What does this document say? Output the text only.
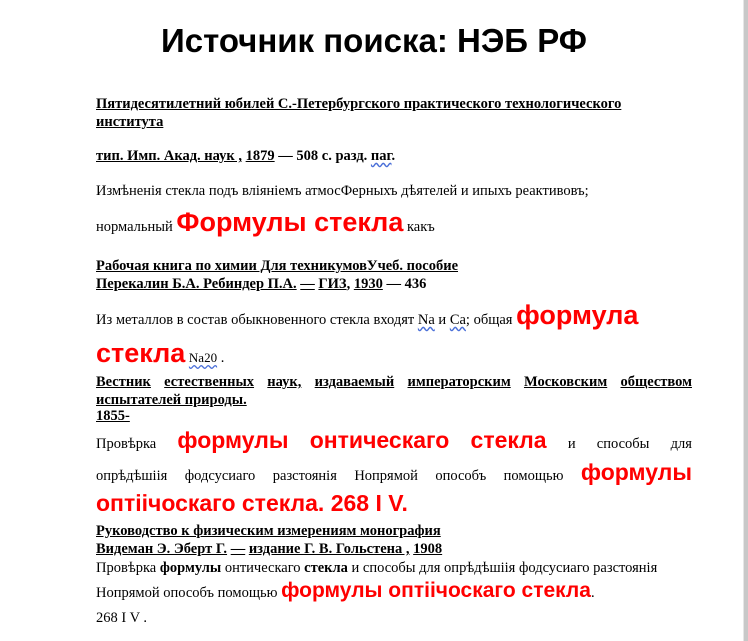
Источник поиска: НЭБ РФ
Пятидесятилетний юбилей С.-Петербургского практического технологического
института
тип. Имп. Акад. наук , 1879 — 508 с. разд. паг.
Измѣненія стекла подъ вліяніемъ атмосФерныхъ дѣятелей и ипыхъ реактивовъ;
нормальный Формулы стекла какъ
Рабочая книга по химии Для техникумовУчеб. пособие
Перекалин Б.А. Ребиндер П.А. — ГИЗ, 1930 — 436
Из металлов в состав обыкновенного стекла входят Na и Ca; общая формула
стекла Na20 .
Вестник естественных наук, издаваемый императорским Московским обществом
испытателей природы.
1855-
Провѣрка формулы онтическаго стекла и способы для
опрѣдѣшіія фодсусиаго разстоянія Нопрямой опособъ помощью формулы
оптіічоскаго стекла. 268 I V.
Руководство к физическим измерениям монография
Видеман Э. Эберт Г. — издание Г. В. Гольстена , 1908
Провѣрка формулы онтическаго стекла и способы для опрѣдѣшіія фодсусиаго разстоянія
Нопрямой опособъ помощью формулы оптіічоскаго стекла.
268 I V .
